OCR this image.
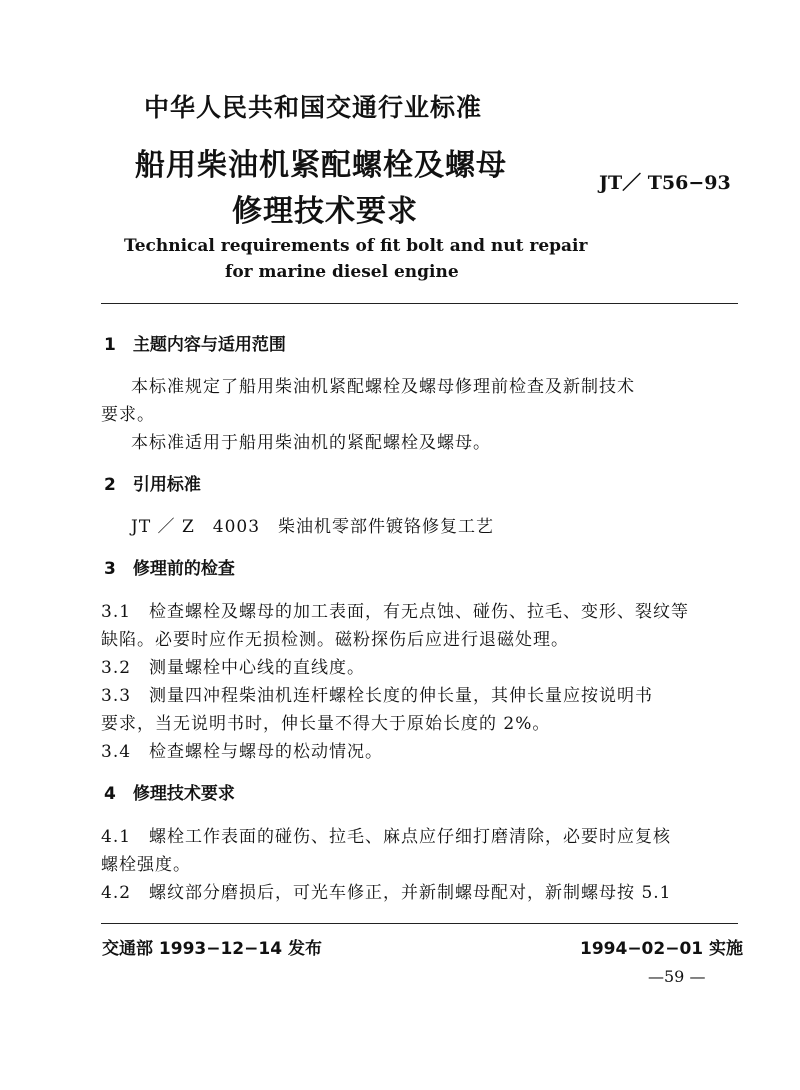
中华人民共和国交通行业标准
船用柴油机紧配螺栓及螺母
修理技术要求
JT／ T56−93
Technical requirements of fit bolt and nut repair
for marine diesel engine
1　主题内容与适用范围
本标准规定了船用柴油机紧配螺栓及螺母修理前检查及新制技术
要求。
本标准适用于船用柴油机的紧配螺栓及螺母。
2　引用标准
JT ／ Z　4003　柴油机零部件镀铬修复工艺
3　修理前的检查
3.1　检查螺栓及螺母的加工表面，有无点蚀、碰伤、拉毛、变形、裂纹等
缺陷。必要时应作无损检测。磁粉探伤后应进行退磁处理。
3.2　测量螺栓中心线的直线度。
3.3　测量四冲程柴油机连杆螺栓长度的伸长量，其伸长量应按说明书
要求，当无说明书时，伸长量不得大于原始长度的 2%。
3.4　检查螺栓与螺母的松动情况。
4　修理技术要求
4.1　螺栓工作表面的碰伤、拉毛、麻点应仔细打磨清除，必要时应复核
螺栓强度。
4.2　螺纹部分磨损后，可光车修正，并新制螺母配对，新制螺母按 5.1
交通部 1993−12−14 发布	1994−02−01 实施
—59 —
